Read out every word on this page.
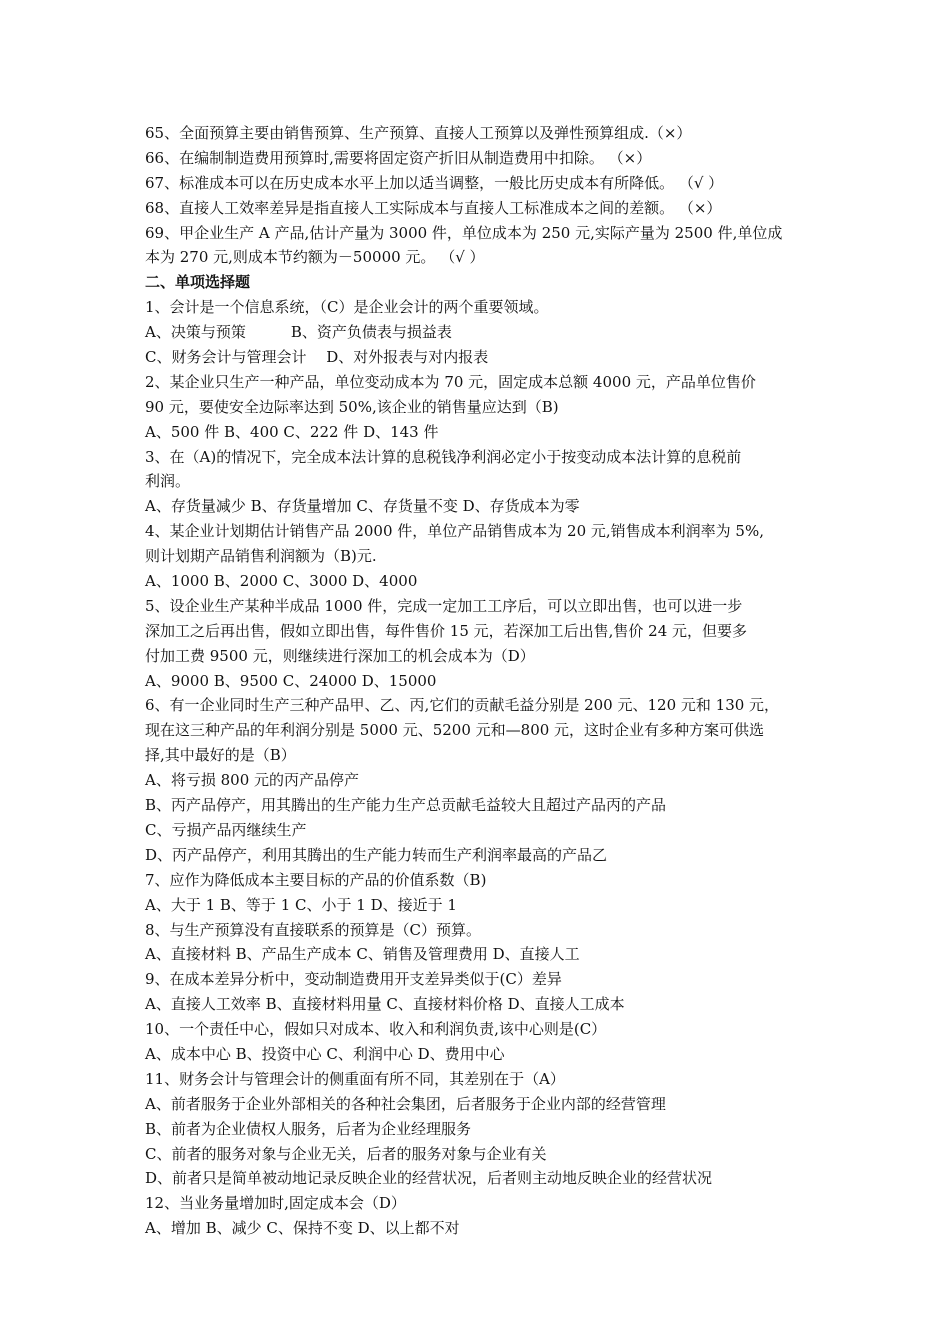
65、全面预算主要由销售预算、生产预算、直接人工预算以及弹性预算组成.（×）
66、在编制制造费用预算时,需要将固定资产折旧从制造费用中扣除。 （×）
67、标准成本可以在历史成本水平上加以适当调整，一般比历史成本有所降低。 （√ ）
68、直接人工效率差异是指直接人工实际成本与直接人工标准成本之间的差额。 （×）
69、甲企业生产 A 产品,估计产量为 3000 件，单位成本为 250 元,实际产量为 2500 件,单位成
本为 270 元,则成本节约额为－50000 元。 （√ ）
二、单项选择题
1、会计是一个信息系统，（C）是企业会计的两个重要领域。
A、决策与预策　　　B、资产负债表与损益表
C、财务会计与管理会计　 D、对外报表与对内报表
2、某企业只生产一种产品，单位变动成本为 70 元，固定成本总额 4000 元，产品单位售价
90 元，要使安全边际率达到 50%,该企业的销售量应达到（B)
A、500 件 B、400 C、222 件 D、143 件
3、在（A)的情况下，完全成本法计算的息税钱净利润必定小于按变动成本法计算的息税前
利润。
A、存货量减少 B、存货量增加 C、存货量不变 D、存货成本为零
4、某企业计划期估计销售产品 2000 件，单位产品销售成本为 20 元,销售成本利润率为 5%,
则计划期产品销售利润额为（B)元.
A、1000 B、2000 C、3000 D、4000
5、设企业生产某种半成品 1000 件，完成一定加工工序后，可以立即出售，也可以进一步
深加工之后再出售，假如立即出售，每件售价 15 元，若深加工后出售,售价 24 元，但要多
付加工费 9500 元，则继续进行深加工的机会成本为（D）
A、9000 B、9500 C、24000 D、15000
6、有一企业同时生产三种产品甲、乙、丙,它们的贡献毛益分别是 200 元、120 元和 130 元，
现在这三种产品的年利润分别是 5000 元、5200 元和—800 元，这时企业有多种方案可供选
择,其中最好的是（B）
A、将亏损 800 元的丙产品停产
B、丙产品停产，用其腾出的生产能力生产总贡献毛益较大且超过产品丙的产品
C、亏损产品丙继续生产
D、丙产品停产，利用其腾出的生产能力转而生产利润率最高的产品乙
7、应作为降低成本主要目标的产品的价值系数（B)
A、大于 1 B、等于 1 C、小于 1 D、接近于 1
8、与生产预算没有直接联系的预算是（C）预算。
A、直接材料 B、产品生产成本 C、销售及管理费用 D、直接人工
9、在成本差异分析中，变动制造费用开支差异类似于(C）差异
A、直接人工效率 B、直接材料用量 C、直接材料价格 D、直接人工成本
10、一个责任中心，假如只对成本、收入和利润负责,该中心则是(C）
A、成本中心 B、投资中心 C、利润中心 D、费用中心
11、财务会计与管理会计的侧重面有所不同，其差别在于（A）
A、前者服务于企业外部相关的各种社会集团，后者服务于企业内部的经营管理
B、前者为企业债权人服务，后者为企业经理服务
C、前者的服务对象与企业无关，后者的服务对象与企业有关
D、前者只是简单被动地记录反映企业的经营状况，后者则主动地反映企业的经营状况
12、当业务量增加时,固定成本会（D）
A、增加 B、减少 C、保持不变 D、以上都不对
